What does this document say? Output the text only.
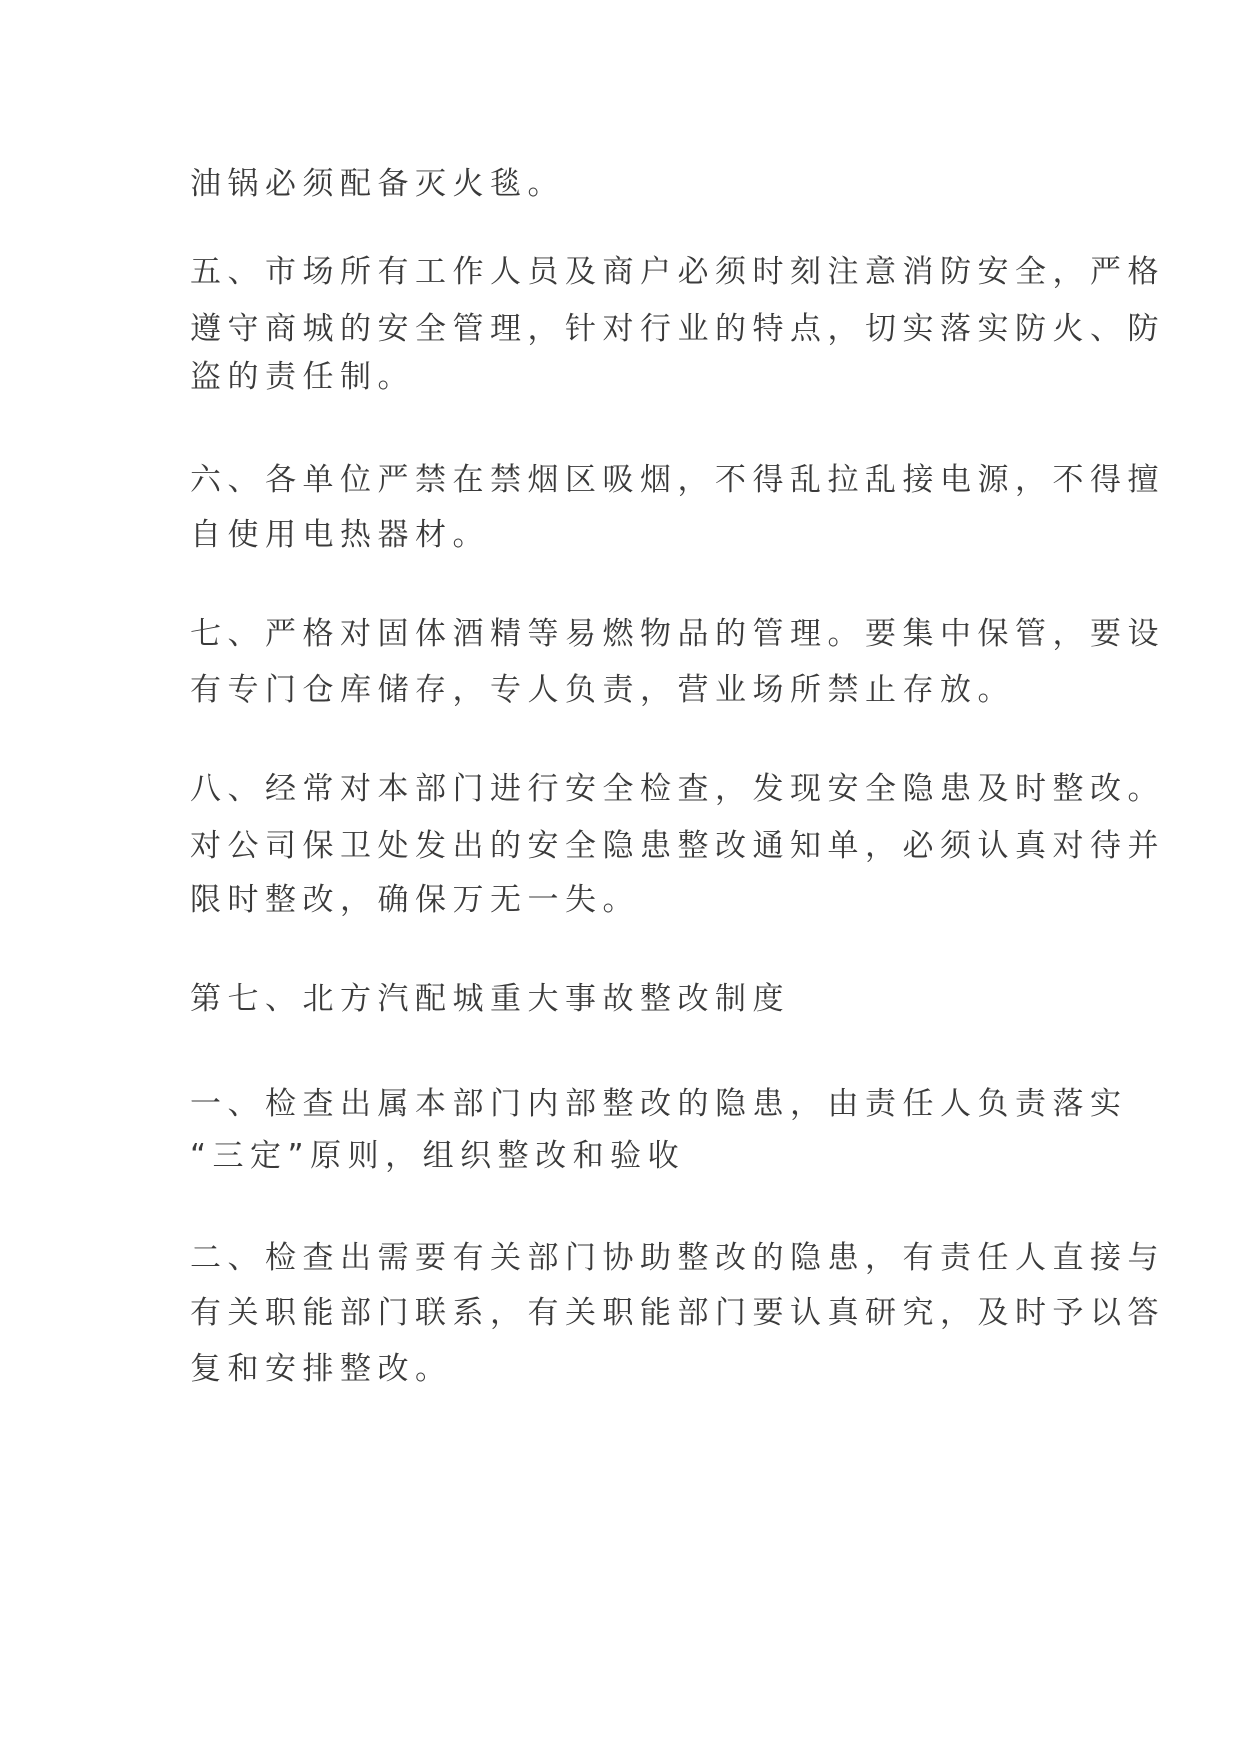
油锅必须配备灭火毯。
五、市场所有工作人员及商户必须时刻注意消防安全，严格
遵守商城的安全管理，针对行业的特点，切实落实防火、防
盗的责任制。
六、各单位严禁在禁烟区吸烟，不得乱拉乱接电源，不得擅
自使用电热器材。
七、严格对固体酒精等易燃物品的管理。要集中保管，要设
有专门仓库储存，专人负责，营业场所禁止存放。
八、经常对本部门进行安全检查，发现安全隐患及时整改。
对公司保卫处发出的安全隐患整改通知单，必须认真对待并
限时整改，确保万无一失。
第七、北方汽配城重大事故整改制度
一、检查出属本部门内部整改的隐患，由责任人负责落实
“三定”原则，组织整改和验收
二、检查出需要有关部门协助整改的隐患，有责任人直接与
有关职能部门联系，有关职能部门要认真研究，及时予以答
复和安排整改。
